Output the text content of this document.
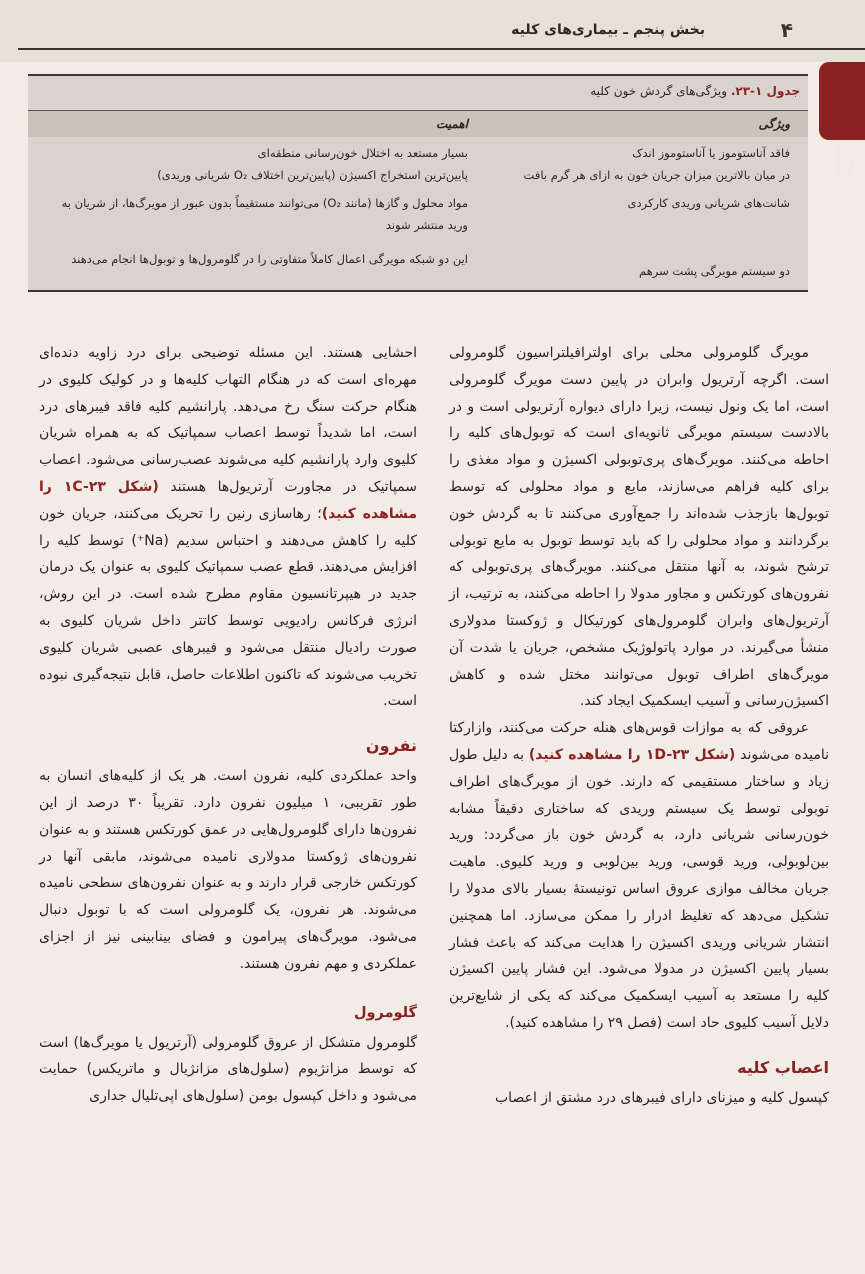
۴
بخش پنجم ـ بیماری‌های کلیه
جدول ۱-۲۳. ویژگی‌های گردش خون کلیه
ویژگی
اهمیت
فاقد آناستوموز یا آناستوموز اندک
بسیار مستعد به اختلال خون‌رسانی منطقه‌ای
در میان بالاترین میزان جریان خون به ازای هر گرم بافت
پایین‌ترین استخراج اکسیژن (پایین‌ترین اختلاف O₂ شریانی وریدی)
شانت‌های شریانی وریدی کارکردی
مواد محلول و گازها (مانند O₂) می‌توانند مستقیماً بدون عبور از مویرگ‌ها، از شریان به ورید منتشر شوند
دو سیستم مویرگی پشت سرهم
این دو شبکه مویرگی اعمال کاملاً متفاوتی را در گلومرول‌ها و توبول‌ها انجام می‌دهند

مویرگ گلومرولی محلی برای اولترافیلتراسیون گلومرولی است. اگرچه آرتریول وابران در پایین دست مویرگ گلومرولی است، اما یک ونول نیست، زیرا دارای دیواره آرتریولی است و در بالادست سیستم مویرگی ثانویه‌ای است که توبول‌های کلیه را احاطه می‌کنند. مویرگ‌های پری‌توبولی اکسیژن و مواد مغذی را برای کلیه فراهم می‌سازند، مایع و مواد محلولی که توسط توبول‌ها بازجذب شده‌اند را جمع‌آوری می‌کنند تا به گردش خون برگردانند و مواد محلولی را که باید توسط توبول به مایع توبولی ترشح شوند، به آنها منتقل می‌کنند. مویرگ‌های پری‌توبولی که نفرون‌های کورتکس و مجاور مدولا را احاطه می‌کنند، به ترتیب، از آرتریول‌های وابران گلومرول‌های کورتیکال و ژوکستا مدولاری منشأ می‌گیرند. در موارد پاتولوژیک مشخص، جریان یا شدت آن مویرگ‌های اطراف توبول می‌توانند مختل شده و کاهش اکسیژن‌رسانی و آسیب ایسکمیک ایجاد کند.

عروقی که به موازات قوس‌های هنله حرکت می‌کنند، وازارکتا نامیده می‌شوند (شکل ۱D-۲۳ را مشاهده کنید) به دلیل طول زیاد و ساختار مستقیمی که دارند. خون از مویرگ‌های اطراف توبولی توسط یک سیستم وریدی که ساختاری دقیقاً مشابه خون‌رسانی شریانی دارد، به گردش خون باز می‌گردد: ورید بین‌لوبولی، ورید قوسی، ورید بین‌لوبی و ورید کلیوی. ماهیت جریان مخالف موازی عروق اساس تونیستهٔ بسیار بالای مدولا را تشکیل می‌دهد که تغلیظ ادرار را ممکن می‌سازد. اما همچنین انتشار شریانی وریدی اکسیژن را هدایت می‌کند که باعث فشار بسیار پایین اکسیژن در مدولا می‌شود. این فشار پایین اکسیژن کلیه را مستعد به آسیب ایسکمیک می‌کند که یکی از شایع‌ترین دلایل آسیب کلیوی حاد است (فصل ۲۹ را مشاهده کنید).

اعصاب کلیه

کپسول کلیه و میزنای دارای فیبرهای درد مشتق از اعصاب

احشایی هستند. این مسئله توضیحی برای درد زاویه دنده‌ای مهره‌ای است که در هنگام التهاب کلیه‌ها و در کولیک کلیوی در هنگام حرکت سنگ رخ می‌دهد. پارانشیم کلیه فاقد فیبرهای درد است، اما شدیداً توسط اعصاب سمپاتیک که به همراه شریان کلیوی وارد پارانشیم کلیه می‌شوند عصب‌رسانی می‌شود. اعصاب سمپاتیک در مجاورت آرتریول‌ها هستند (شکل ۱C-۲۳ را مشاهده کنید)؛ رهاسازی رنین را تحریک می‌کنند، جریان خون کلیه را کاهش می‌دهند و احتباس سدیم (Na⁺) توسط کلیه را افزایش می‌دهند. قطع عصب سمپاتیک کلیوی به عنوان یک درمان جدید در هیپرتانسیون مقاوم مطرح شده است. در این روش، انرژی فرکانس رادیویی توسط کاتتر داخل شریان کلیوی به صورت رادیال منتقل می‌شود و فیبرهای عصبی شریان کلیوی تخریب می‌شوند که تاکنون اطلاعات حاصل، قابل نتیجه‌گیری نبوده است.

نفرون

واحد عملکردی کلیه، نفرون است. هر یک از کلیه‌های انسان به طور تقریبی، ۱ میلیون نفرون دارد. تقریباً ۳۰ درصد از این نفرون‌ها دارای گلومرول‌هایی در عمق کورتکس هستند و به عنوان نفرون‌های ژوکستا مدولاری نامیده می‌شوند، مابقی آنها در کورتکس خارجی قرار دارند و به عنوان نفرون‌های سطحی نامیده می‌شوند. هر نفرون، یک گلومرولی است که با توبول دنبال می‌شود. مویرگ‌های پیرامون و فضای بینابینی نیز از اجزای عملکردی و مهم نفرون هستند.

گلومرول

گلومرول متشکل از عروق گلومرولی (آرتریول یا مویرگ‌ها) است که توسط مزانژیوم (سلول‌های مزانژیال و ماتریکس) حمایت می‌شود و داخل کپسول بومن (سلول‌های اپی‌تلیال جداری
